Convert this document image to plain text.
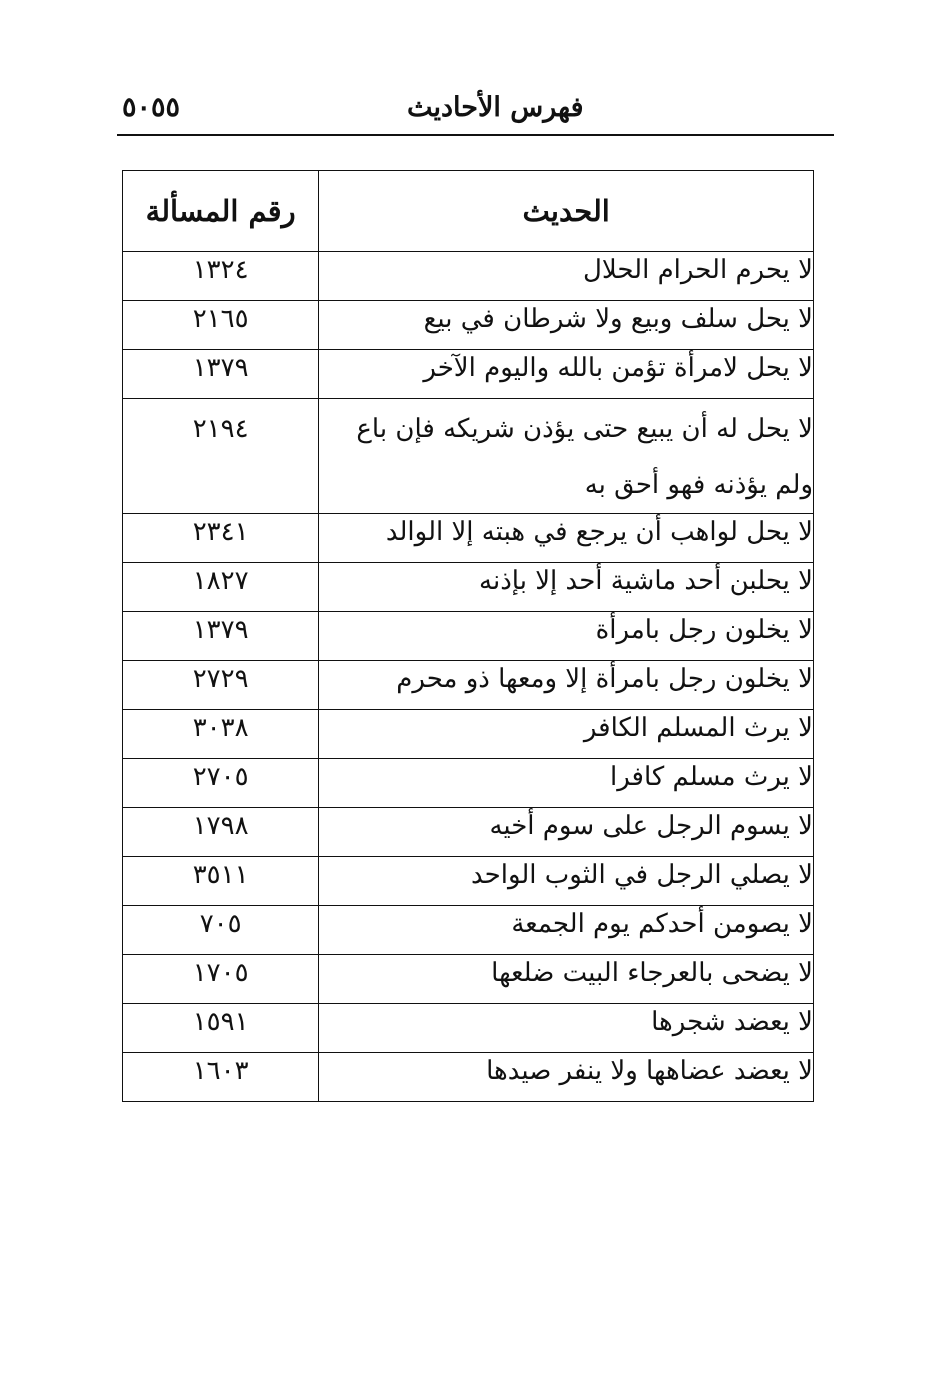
٥٠٥٥	فهرس الأحاديث
الحديث	رقم المسألة
لا يحرم الحرام الحلال	١٣٢٤
لا يحل سلف وبيع ولا شرطان في بيع	٢١٦٥
لا يحل لامرأة تؤمن بالله واليوم الآخر	١٣٧٩
لا يحل له أن يبيع حتى يؤذن شريكه فإن باع ولم يؤذنه فهو أحق به	٢١٩٤
لا يحل لواهب أن يرجع في هبته إلا الوالد	٢٣٤١
لا يحلبن أحد ماشية أحد إلا بإذنه	١٨٢٧
لا يخلون رجل بامرأة	١٣٧٩
لا يخلون رجل بامرأة إلا ومعها ذو محرم	٢٧٢٩
لا يرث المسلم الكافر	٣٠٣٨
لا يرث مسلم كافرا	٢٧٠٥
لا يسوم الرجل على سوم أخيه	١٧٩٨
لا يصلي الرجل في الثوب الواحد	٣٥١١
لا يصومن أحدكم يوم الجمعة	٧٠٥
لا يضحى بالعرجاء البيت ضلعها	١٧٠٥
لا يعضد شجرها	١٥٩١
لا يعضد عضاهها ولا ينفر صيدها	١٦٠٣
